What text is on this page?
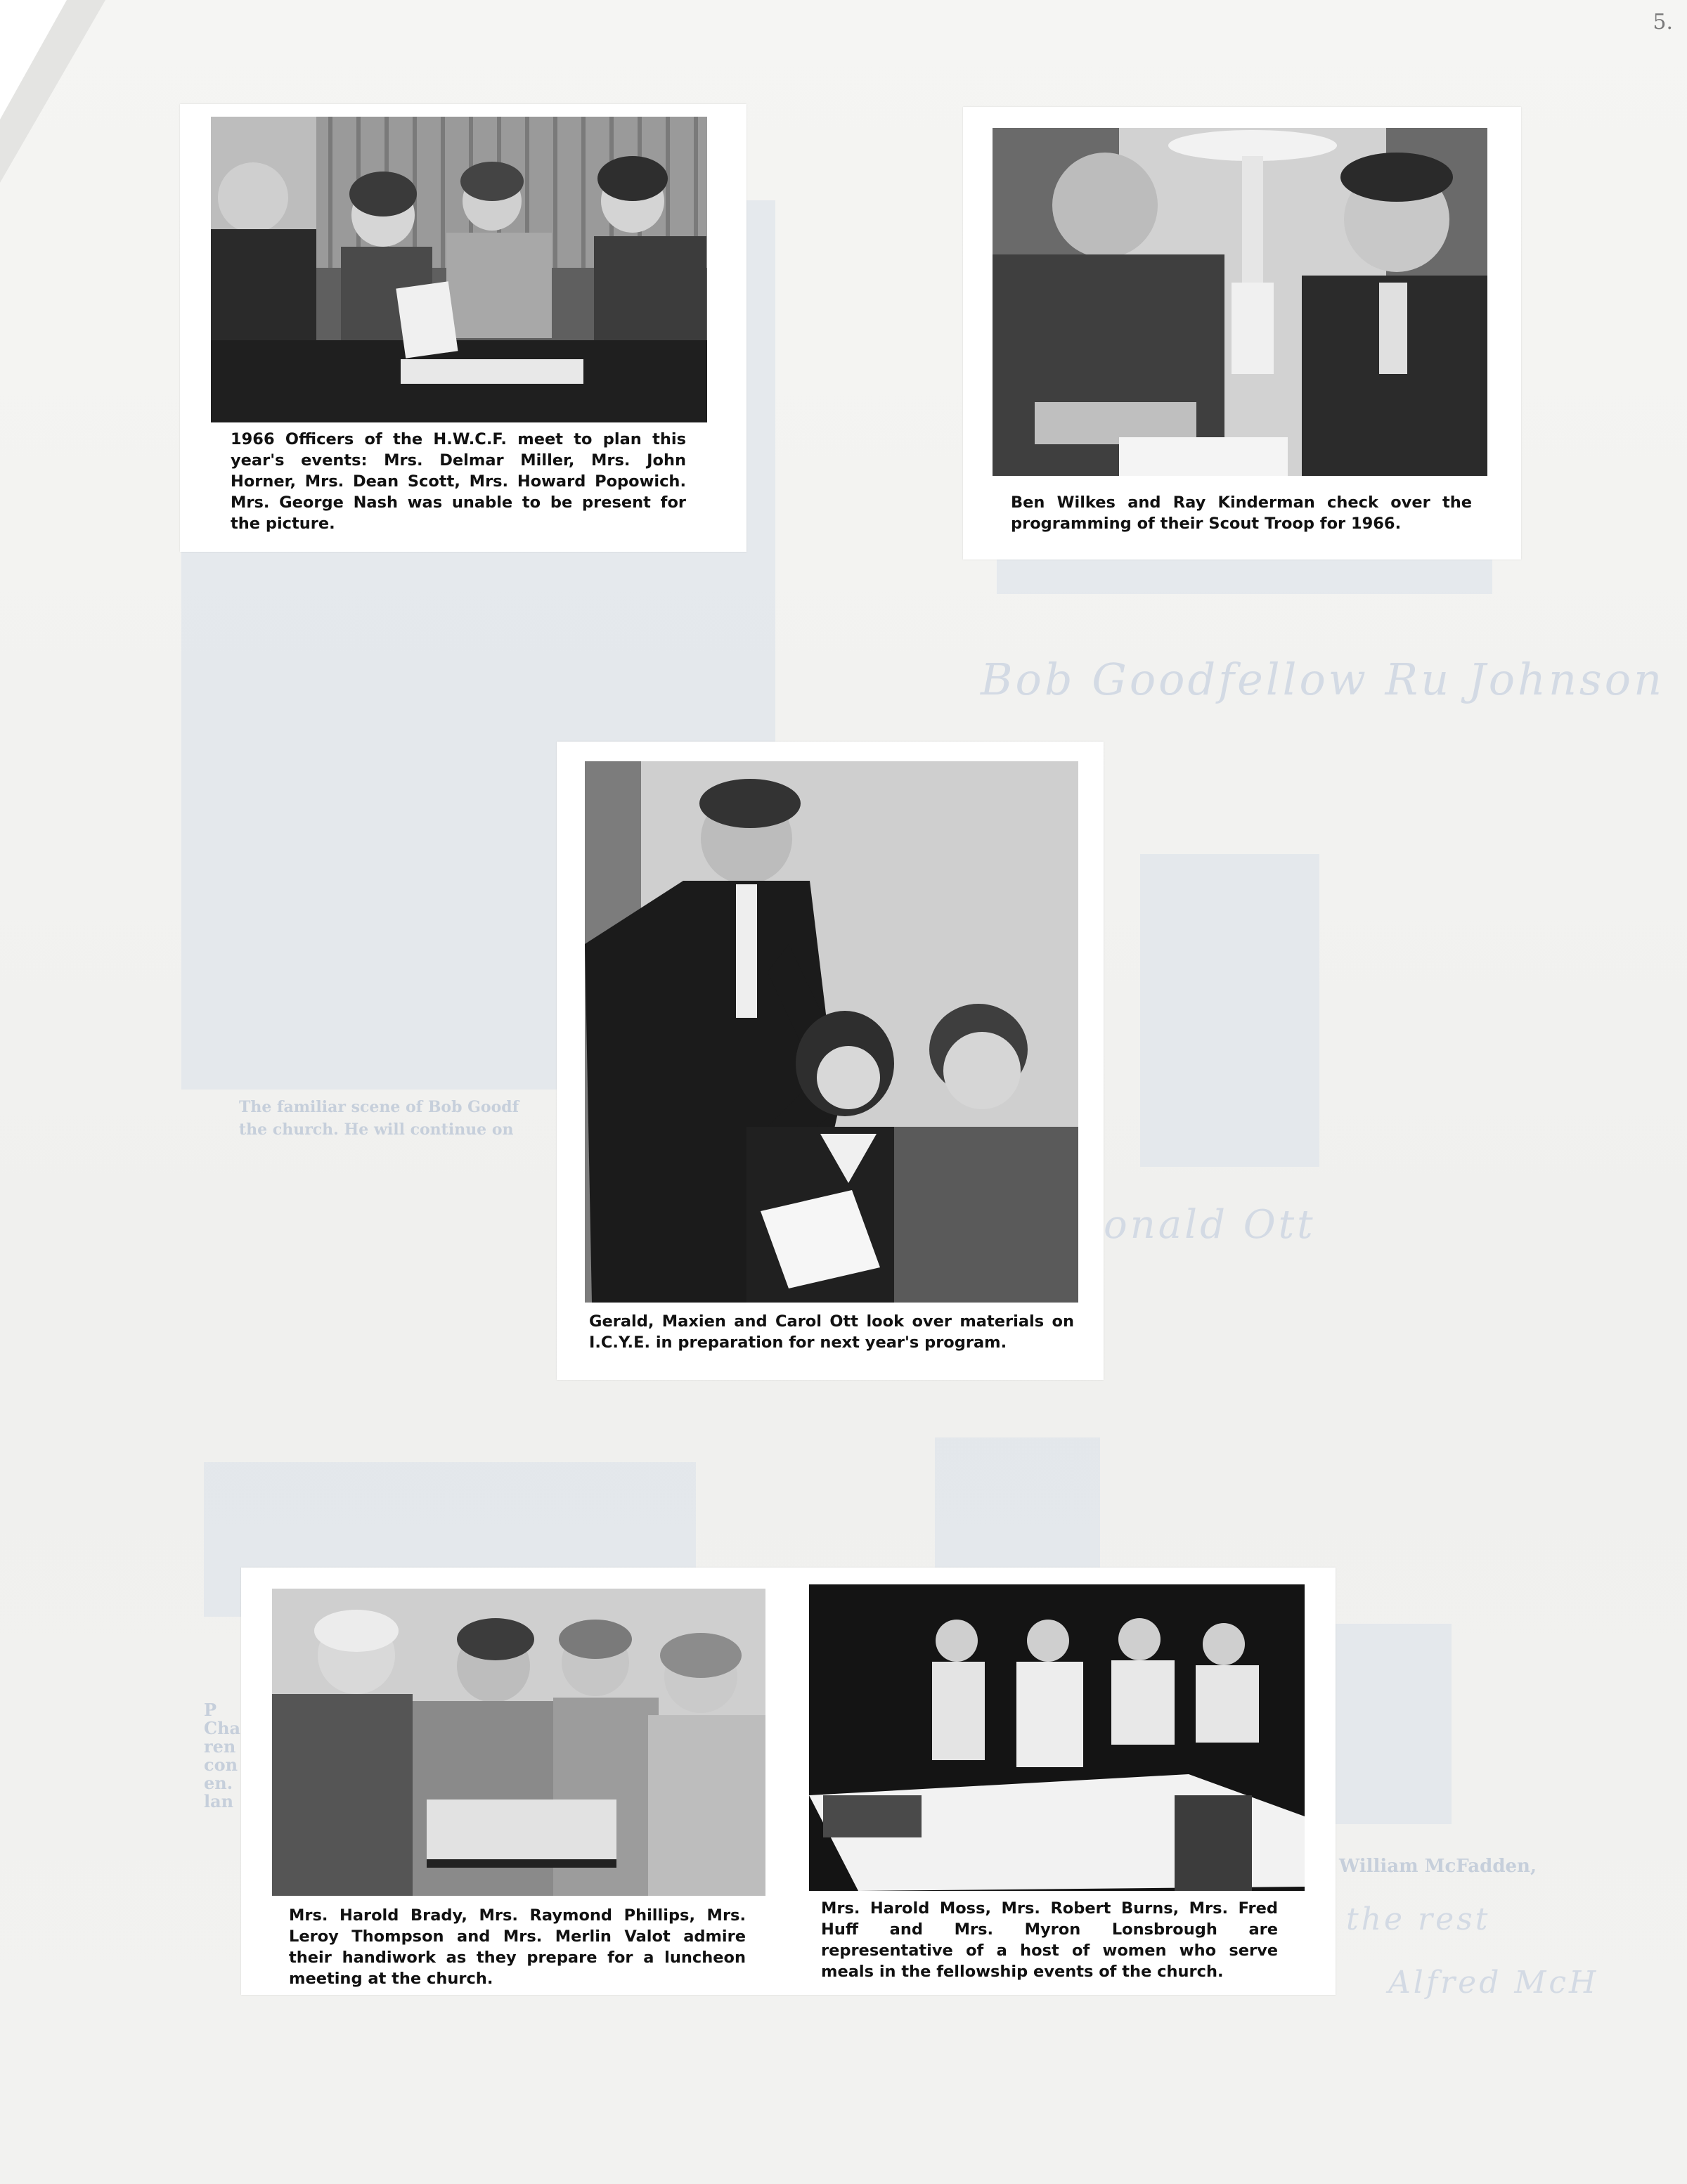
Bob Goodfellow Ru Johnson
The familiar scene of Bob Goodf
the church. He will continue on
onald Ott
P
Cha
ren
con
en.
lan
William McFadden,
the rest
Alfred McH
5.

1966 Officers of the H.W.C.F. meet to plan this year's events: Mrs. Delmar Miller, Mrs. John Horner, Mrs. Dean Scott, Mrs. Howard Popowich. Mrs. George Nash was unable to be present for the picture.

Ben Wilkes and Ray Kinderman check over the programming of their Scout Troop for 1966.

Gerald, Maxien and Carol Ott look over materials on I.C.Y.E. in preparation for next year's program.

Mrs. Harold Brady, Mrs. Raymond Phillips, Mrs. Leroy Thompson and Mrs. Merlin Valot admire their handiwork as they prepare for a luncheon meeting at the church.

Mrs. Harold Moss, Mrs. Robert Burns, Mrs. Fred Huff and Mrs. Myron Lonsbrough are representative of a host of women who serve meals in the fellowship events of the church.
